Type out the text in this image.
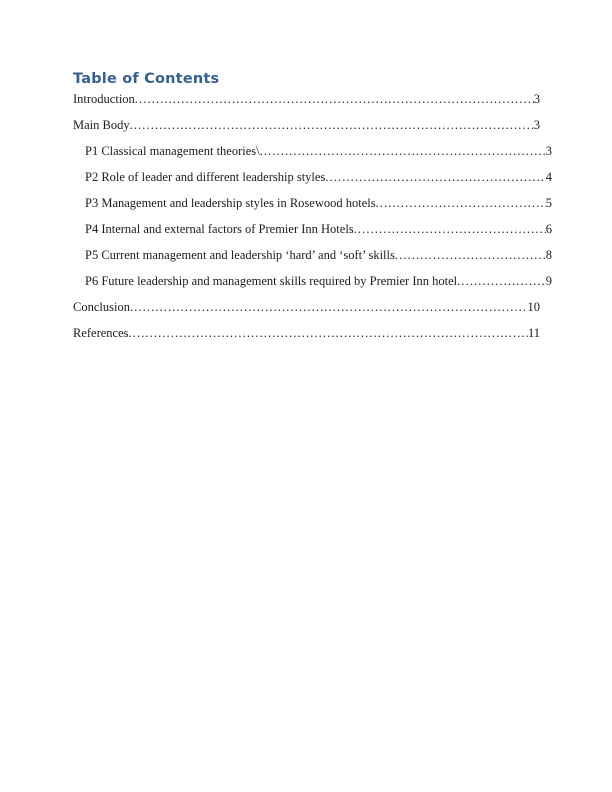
Table of Contents
Introduction .....	3
Main Body .....	3
P1 Classical management theories\ .....	3
P2 Role of leader and different leadership styles .....	4
P3 Management and leadership styles in Rosewood hotels .....	5
P4 Internal and external factors of Premier Inn Hotels .....	6
P5 Current management and leadership ‘hard’ and ‘soft’ skills .....	8
P6 Future leadership and management skills required by Premier Inn hotel .....	9
Conclusion .....	10
References .....	11
